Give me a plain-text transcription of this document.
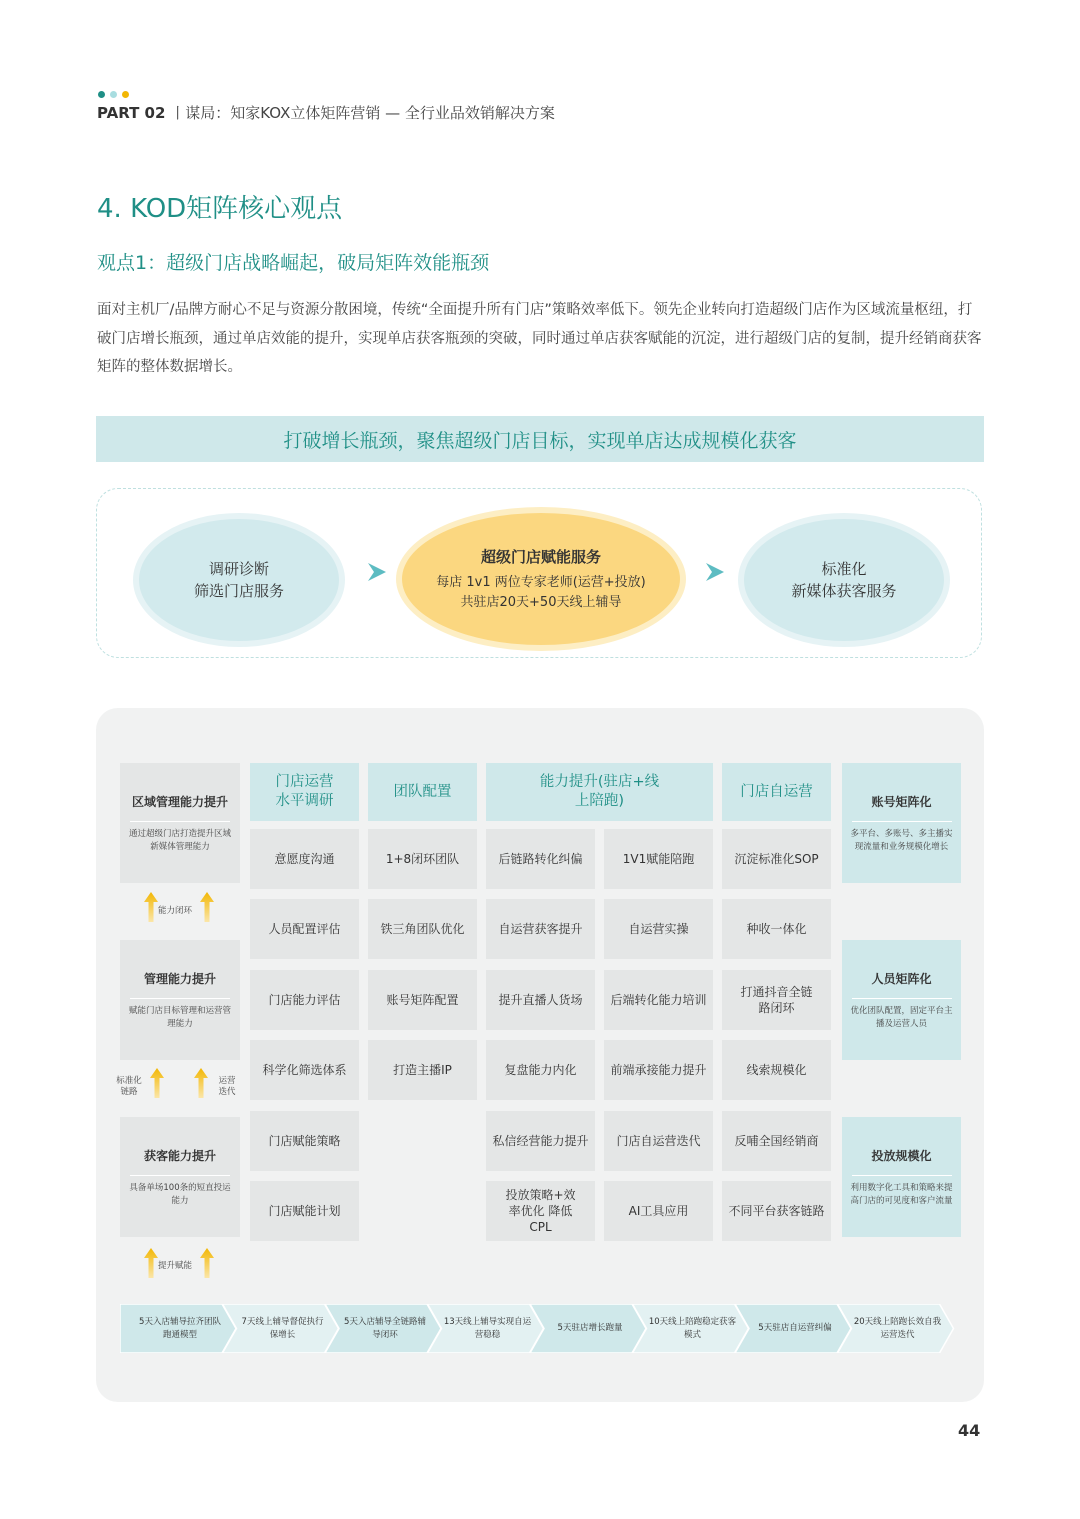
PART 02 丨谋局：知家KOX立体矩阵营销 — 全行业品效销解决方案
4. KOD矩阵核心观点
观点1：超级门店战略崛起，破局矩阵效能瓶颈
面对主机厂/品牌方耐心不足与资源分散困境，传统“全面提升所有门店”策略效率低下。领先企业转向打造超级门店作为区域流量枢纽，打破门店增长瓶颈，通过单店效能的提升，实现单店获客瓶颈的突破，同时通过单店获客赋能的沉淀，进行超级门店的复制，提升经销商获客矩阵的整体数据增长。
打破增长瓶颈，聚焦超级门店目标，实现单店达成规模化获客
调研诊断
筛选门店服务
超级门店赋能服务
每店 1v1 两位专家老师(运营+投放)
共驻店20天+50天线上辅导
标准化
新媒体获客服务
区域管理能力提升
通过超级门店打造提升区域新媒体管理能力
管理能力提升
赋能门店目标管理和运营管理能力
获客能力提升
具备单场100条的短直投运能力
能力闭环
标准化链路
运营迭代
提升赋能
门店运营水平调研
团队配置
能力提升(驻店+线上陪跑)
门店自运营
意愿度沟通
人员配置评估
门店能力评估
科学化筛选体系
门店赋能策略
门店赋能计划
1+8闭环团队
铁三角团队优化
账号矩阵配置
打造主播IP
后链路转化纠偏
自运营获客提升
提升直播人货场
复盘能力内化
私信经营能力提升
投放策略+效率优化 降低CPL
1V1赋能陪跑
自运营实操
后端转化能力培训
前端承接能力提升
门店自运营迭代
AI工具应用
沉淀标准化SOP
种收一体化
打通抖音全链路闭环
线索规模化
反哺全国经销商
不同平台获客链路
账号矩阵化
多平台、多账号、多主播实现流量和业务规模化增长
人员矩阵化
优化团队配置，固定平台主播及运营人员
投放规模化
利用数字化工具和策略来提高门店的可见度和客户流量
5天入店辅导拉齐团队跑通模型
7天线上辅导督促执行保增长
5天入店辅导全链路辅导闭环
13天线上辅导实现自运营稳稳
5天驻店增长跑量
10天线上陪跑稳定获客模式
5天驻店自运营纠偏
20天线上陪跑长效自我运营迭代
44
